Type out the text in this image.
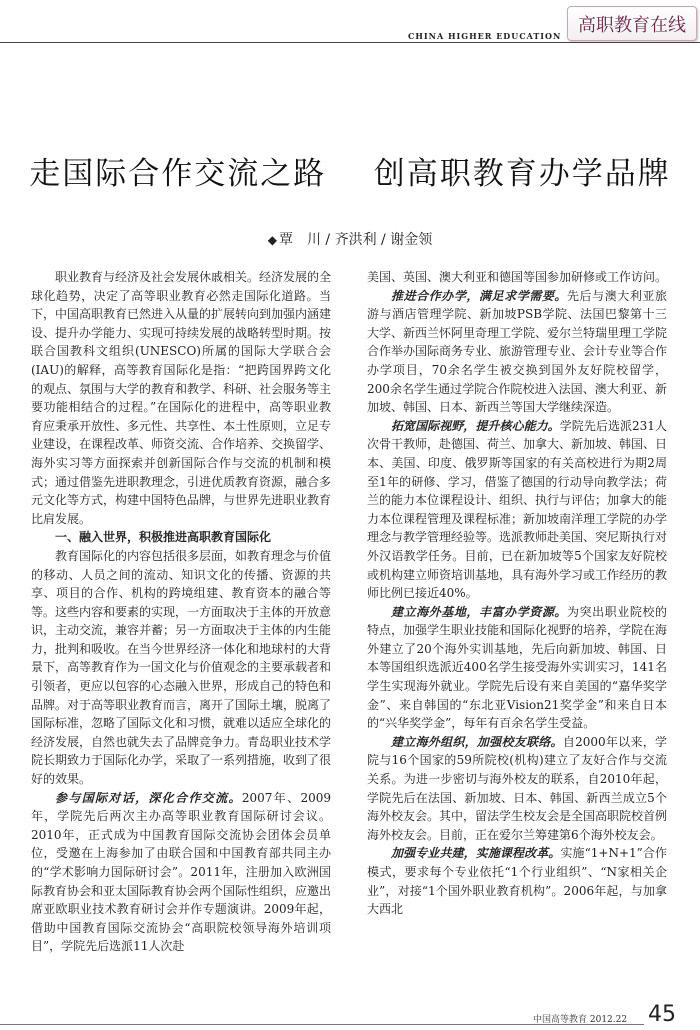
CHINA HIGHER EDUCATION
高职教育在线
走国际合作交流之路    创高职教育办学品牌
◆ 覃　川 / 齐洪利 / 谢金领

职业教育与经济及社会发展休戚相关。经济发展的全球化趋势，决定了高等职业教育必然走国际化道路。当下，中国高职教育已然进入从量的扩展转向到加强内涵建设、提升办学能力、实现可持续发展的战略转型时期。按联合国教科文组织(UNESCO)所属的国际大学联合会(IAU)的解释，高等教育国际化是指：“把跨国界跨文化的观点、氛围与大学的教育和教学、科研、社会服务等主要功能相结合的过程。”在国际化的进程中，高等职业教育应秉承开放性、多元性、共享性、本土性原则，立足专业建设，在课程改革、师资交流、合作培养、交换留学、海外实习等方面探索并创新国际合作与交流的机制和模式；通过借鉴先进职教理念，引进优质教育资源，融合多元文化等方式，构建中国特色品牌，与世界先进职业教育比肩发展。

一、融入世界，积极推进高职教育国际化

教育国际化的内容包括很多层面，如教育理念与价值的移动、人员之间的流动、知识文化的传播、资源的共享、项目的合作、机构的跨境组建、教育资本的融合等等。这些内容和要素的实现，一方面取决于主体的开放意识，主动交流，兼容并蓄；另一方面取决于主体的内生能力，批判和吸收。在当今世界经济一体化和地球村的大背景下，高等教育作为一国文化与价值观念的主要承载者和引领者，更应以包容的心态融入世界，形成自己的特色和品牌。对于高等职业教育而言，离开了国际土壤，脱离了国际标准，忽略了国际文化和习惯，就难以适应全球化的经济发展，自然也就失去了品牌竞争力。青岛职业技术学院长期致力于国际化办学，采取了一系列措施，收到了很好的效果。

参与国际对话，深化合作交流。2007年、2009年，学院先后两次主办高等职业教育国际研讨会议。2010年，正式成为中国教育国际交流协会团体会员单位，受邀在上海参加了由联合国和中国教育部共同主办的“学术影响力国际研讨会”。2011年，注册加入欧洲国际教育协会和亚太国际教育协会两个国际性组织，应邀出席亚欧职业技术教育研讨会并作专题演讲。2009年起，借助中国教育国际交流协会“高职院校领导海外培训项目”，学院先后选派11人次赴

美国、英国、澳大利亚和德国等国参加研修或工作访问。

推进合作办学，满足求学需要。先后与澳大利亚旅游与酒店管理学院、新加坡PSB学院、法国巴黎第十三大学、新西兰怀阿里奇理工学院、爱尔兰特瑞里理工学院合作举办国际商务专业、旅游管理专业、会计专业等合作办学项目，70余名学生被交换到国外友好院校留学，200余名学生通过学院合作院校进入法国、澳大利亚、新加坡、韩国、日本、新西兰等国大学继续深造。

拓宽国际视野，提升核心能力。学院先后选派231人次骨干教师，赴德国、荷兰、加拿大、新加坡、韩国、日本、美国、印度、俄罗斯等国家的有关高校进行为期2周至1年的研修、学习，借鉴了德国的行动导向教学法；荷兰的能力本位课程设计、组织、执行与评估；加拿大的能力本位课程管理及课程标准；新加坡南洋理工学院的办学理念与教学管理经验等。选派教师赴美国、突尼斯执行对外汉语教学任务。目前，已在新加坡等5个国家友好院校或机构建立师资培训基地，具有海外学习或工作经历的教师比例已接近40%。

建立海外基地，丰富办学资源。为突出职业院校的特点，加强学生职业技能和国际化视野的培养，学院在海外建立了20个海外实训基地，先后向新加坡、韩国、日本等国组织选派近400名学生接受海外实训实习，141名学生实现海外就业。学院先后设有来自美国的“嘉华奖学金”、来自韩国的“东北亚Vision21奖学金”和来自日本的“兴华奖学金”，每年有百余名学生受益。

建立海外组织，加强校友联络。自2000年以来，学院与16个国家的59所院校(机构)建立了友好合作与交流关系。为进一步密切与海外校友的联系，自2010年起，学院先后在法国、新加坡、日本、韩国、新西兰成立5个海外校友会。其中，留法学生校友会是全国高职院校首例海外校友会。目前，正在爱尔兰筹建第6个海外校友会。

加强专业共建，实施课程改革。实施“1+N+1”合作模式，要求每个专业依托“1个行业组织”、“N家相关企业”，对接“1个国外职业教育机构”。2006年起，与加拿大西北

中国高等教育 2012.22 45
